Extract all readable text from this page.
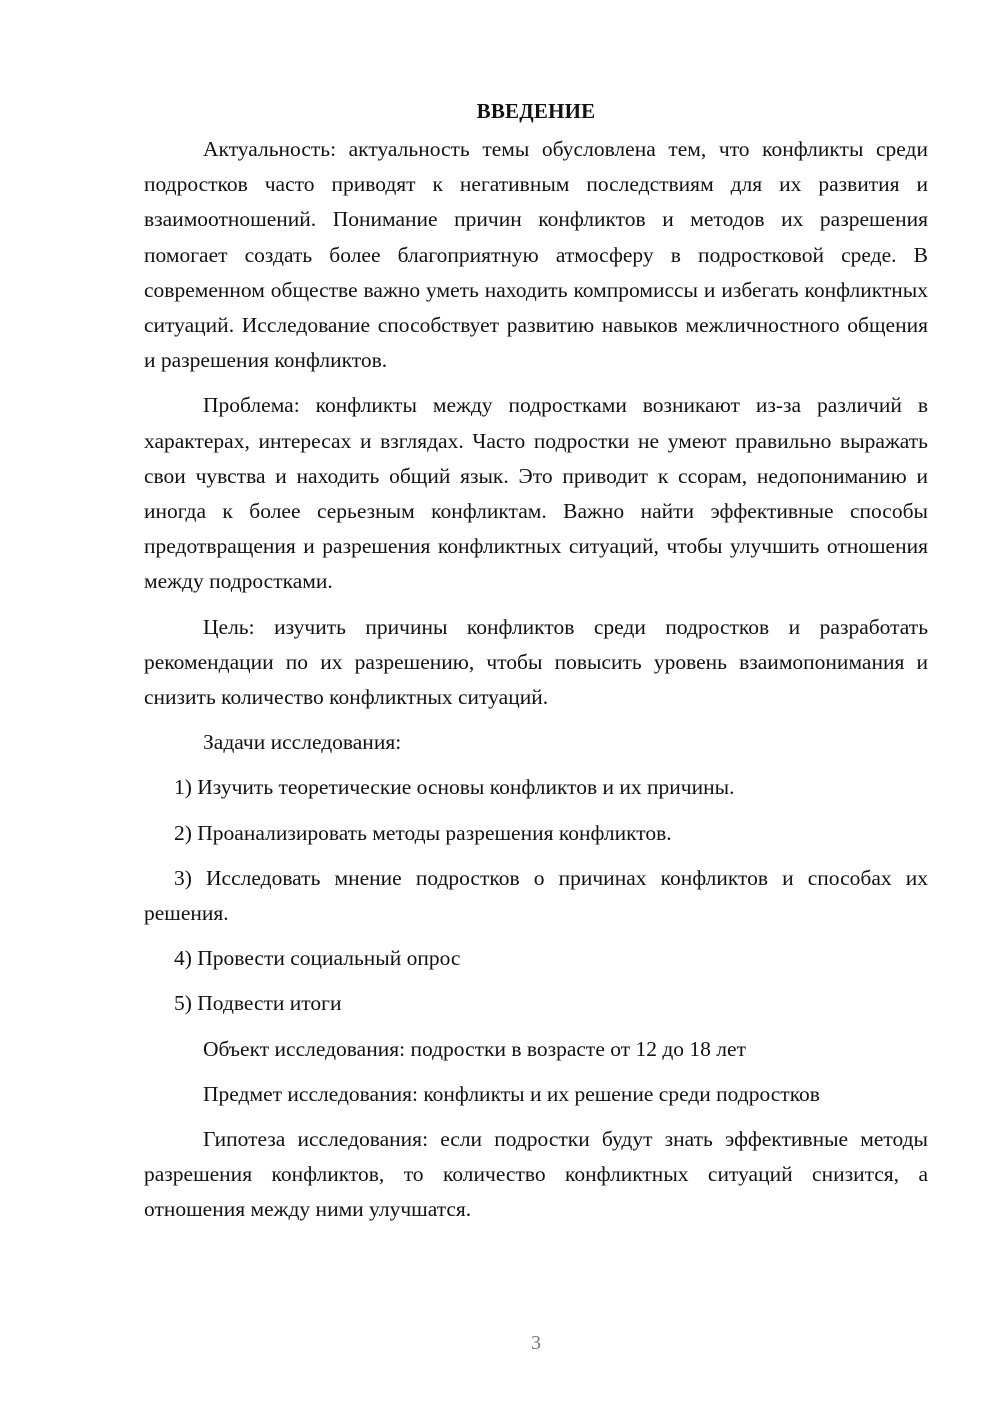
ВВЕДЕНИЕ

Актуальность: актуальность темы обусловлена тем, что конфликты среди подростков часто приводят к негативным последствиям для их развития и взаимоотношений. Понимание причин конфликтов и методов их разрешения помогает создать более благоприятную атмосферу в подростковой среде. В современном обществе важно уметь находить компромиссы и избегать конфликтных ситуаций. Исследование способствует развитию навыков межличностного общения и разрешения конфликтов.

Проблема: конфликты между подростками возникают из-за различий в характерах, интересах и взглядах. Часто подростки не умеют правильно выражать свои чувства и находить общий язык. Это приводит к ссорам, недопониманию и иногда к более серьезным конфликтам. Важно найти эффективные способы предотвращения и разрешения конфликтных ситуаций, чтобы улучшить отношения между подростками.

Цель: изучить причины конфликтов среди подростков и разработать рекомендации по их разрешению, чтобы повысить уровень взаимопонимания и снизить количество конфликтных ситуаций.

Задачи исследования:

1) Изучить теоретические основы конфликтов и их причины.

2) Проанализировать методы разрешения конфликтов.

3) Исследовать мнение подростков о причинах конфликтов и способах их решения.

4) Провести социальный опрос

5) Подвести итоги

Объект исследования: подростки в возрасте от 12 до 18 лет

Предмет исследования: конфликты и их решение среди подростков

Гипотеза исследования: если подростки будут знать эффективные методы разрешения конфликтов, то количество конфликтных ситуаций снизится, а отношения между ними улучшатся.

3
